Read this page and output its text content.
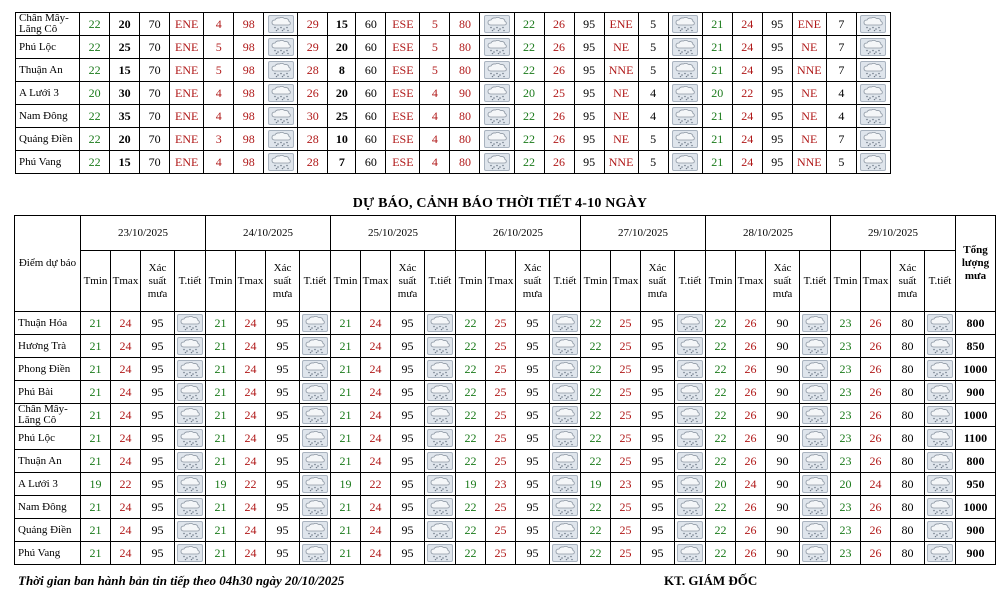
Chân Mây-Lăng Cô	22	20	70	ENE	4	98		29	15	60	ESE	5	80		22	26	95	ENE	5		21	24	95	ENE	7	

Phú Lộc	22	25	70	ENE	5	98		29	20	60	ESE	5	80		22	26	95	NE	5		21	24	95	NE	7	

Thuận An	22	15	70	ENE	5	98		28	8	60	ESE	5	80		22	26	95	NNE	5		21	24	95	NNE	7	

A Lưới 3	20	30	70	ENE	4	98		26	20	60	ESE	4	90		20	25	95	NE	4		20	22	95	NE	4	

Nam Đông	22	35	70	ENE	4	98		30	25	60	ESE	4	80		22	26	95	NE	4		21	24	95	NE	4	

Quảng Điền	22	20	70	ENE	3	98		28	10	60	ESE	4	80		22	26	95	NE	5		21	24	95	NE	7	

Phú Vang	22	15	70	ENE	4	98		28	7	60	ESE	4	80		22	26	95	NNE	5		21	24	95	NNE	5	
DỰ BÁO, CẢNH BÁO THỜI TIẾT 4-10 NGÀY
Điểm dự báo	23/10/2025				24/10/2025				25/10/2025				26/10/2025				27/10/2025				28/10/2025				29/10/2025				Tổng lượng mưa
	Tmin	Tmax	Xác suất mưa	T.tiết	Tmin	Tmax	Xác suất mưa	T.tiết	Tmin	Tmax	Xác suất mưa	T.tiết	Tmin	Tmax	Xác suất mưa	T.tiết	Tmin	Tmax	Xác suất mưa	T.tiết	Tmin	Tmax	Xác suất mưa	T.tiết	Tmin	Tmax	Xác suất mưa	T.tiết	
Thuận Hóa	21	24	95		21	24	95		21	24	95		22	25	95		22	25	95		22	26	90		23	26	80		800
Hương Trà	21	24	95		21	24	95		21	24	95		22	25	95		22	25	95		22	26	90		23	26	80		850
Phong Điền	21	24	95		21	24	95		21	24	95		22	25	95		22	25	95		22	26	90		23	26	80		1000
Phú Bài	21	24	95		21	24	95		21	24	95		22	25	95		22	25	95		22	26	90		23	26	80		900
Chân Mây-Lăng Cô	21	24	95		21	24	95		21	24	95		22	25	95		22	25	95		22	26	90		23	26	80		1000
Phú Lộc	21	24	95		21	24	95		21	24	95		22	25	95		22	25	95		22	26	90		23	26	80		1100
Thuận An	21	24	95		21	24	95		21	24	95		22	25	95		22	25	95		22	26	90		23	26	80		800
A Lưới 3	19	22	95		19	22	95		19	22	95		19	23	95		19	23	95		20	24	90		20	24	80		950
Nam Đông	21	24	95		21	24	95		21	24	95		22	25	95		22	25	95		22	26	90		23	26	80		1000
Quảng Điền	21	24	95		21	24	95		21	24	95		22	25	95		22	25	95		22	26	90		23	26	80		900
Phú Vang	21	24	95		21	24	95		21	24	95		22	25	95		22	25	95		22	26	90		23	26	80		900
Thời gian ban hành bản tin tiếp theo 04h30 ngày 20/10/2025	KT. GIÁM ĐỐC
